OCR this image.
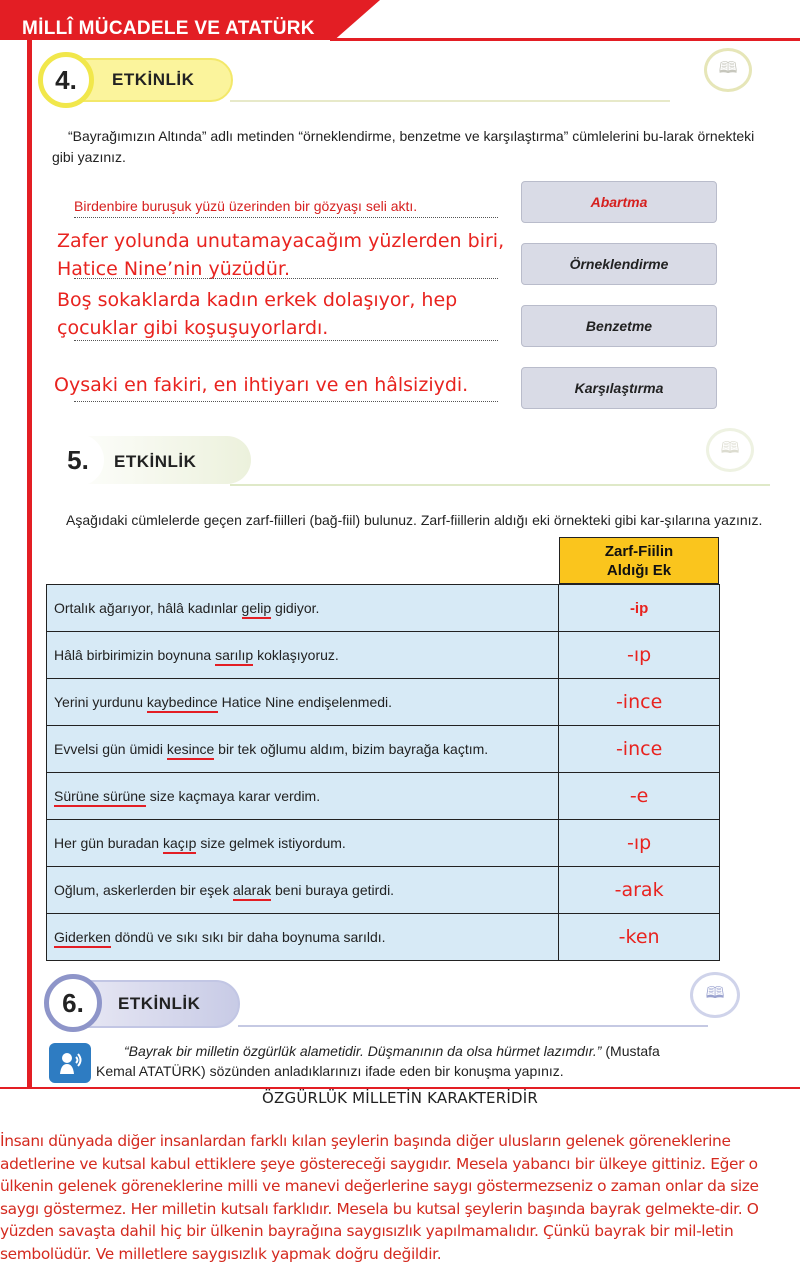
MİLLÎ MÜCADELE VE ATATÜRK
4.	ETKİNLİK
🕮

“Bayrağımızın Altında” adlı metinden “örneklendirme, benzetme ve karşılaştırma” cümlelerini bu-larak örnekteki gibi yazınız.

Birdenbire buruşuk yüzü üzerinden bir gözyaşı seli aktı.	Abartma
Zafer yolunda unutamayacağım yüzlerden biri,
Hatice Nine’nin yüzüdür.	Örneklendirme
Boş sokaklarda kadın erkek dolaşıyor, hep
çocuklar gibi koşuşuyorlardı.	Benzetme
Oysaki en fakiri, en ihtiyarı ve en hâlsiziydi.	Karşılaştırma
5.	ETKİNLİK
🕮

Aşağıdaki cümlelerde geçen zarf-fiilleri (bağ-fiil) bulunuz. Zarf-fiillerin aldığı eki örnekteki gibi kar-şılarına yazınız.

Zarf-Fiilin
Aldığı Ek
Ortalık ağarıyor, hâlâ kadınlar gelip gidiyor.	-ip
Hâlâ birbirimizin boynuna sarılıp koklaşıyoruz.	-ıp
Yerini yurdunu kaybedince Hatice Nine endişelenmedi.	-ince
Evvelsi gün ümidi kesince bir tek oğlumu aldım, bizim bayrağa kaçtım.	-ince
Sürüne sürüne size kaçmaya karar verdim.	-e
Her gün buradan kaçıp size gelmek istiyordum.	-ıp
Oğlum, askerlerden bir eşek alarak beni buraya getirdi.	-arak
Giderken döndü ve sıkı sıkı bir daha boynuma sarıldı.	-ken
6.	ETKİNLİK
🕮

“Bayrak bir milletin özgürlük alametidir. Düşmanının da olsa hürmet lazımdır.” (Mustafa
Kemal ATATÜRK) sözünden anladıklarınızı ifade eden bir konuşma yapınız.

ÖZGÜRLÜK MİLLETİN KARAKTERİDİR
İnsanı dünyada diğer insanlardan farklı kılan şeylerin başında diğer ulusların gelenek göreneklerine adetlerine ve kutsal kabul ettiklere şeye göstereceği saygıdır. Mesela yabancı bir ülkeye gittiniz. Eğer o ülkenin gelenek göreneklerine milli ve manevi değerlerine saygı göstermezseniz o zaman onlar da size saygı göstermez. Her milletin kutsalı farklıdır. Mesela bu kutsal şeylerin başında bayrak gelmekte-dir. O yüzden savaşta dahil hiç bir ülkenin bayrağına saygısızlık yapılmamalıdır. Çünkü bayrak bir mil-letin sembolüdür. Ve milletlere saygısızlık yapmak doğru değildir.
